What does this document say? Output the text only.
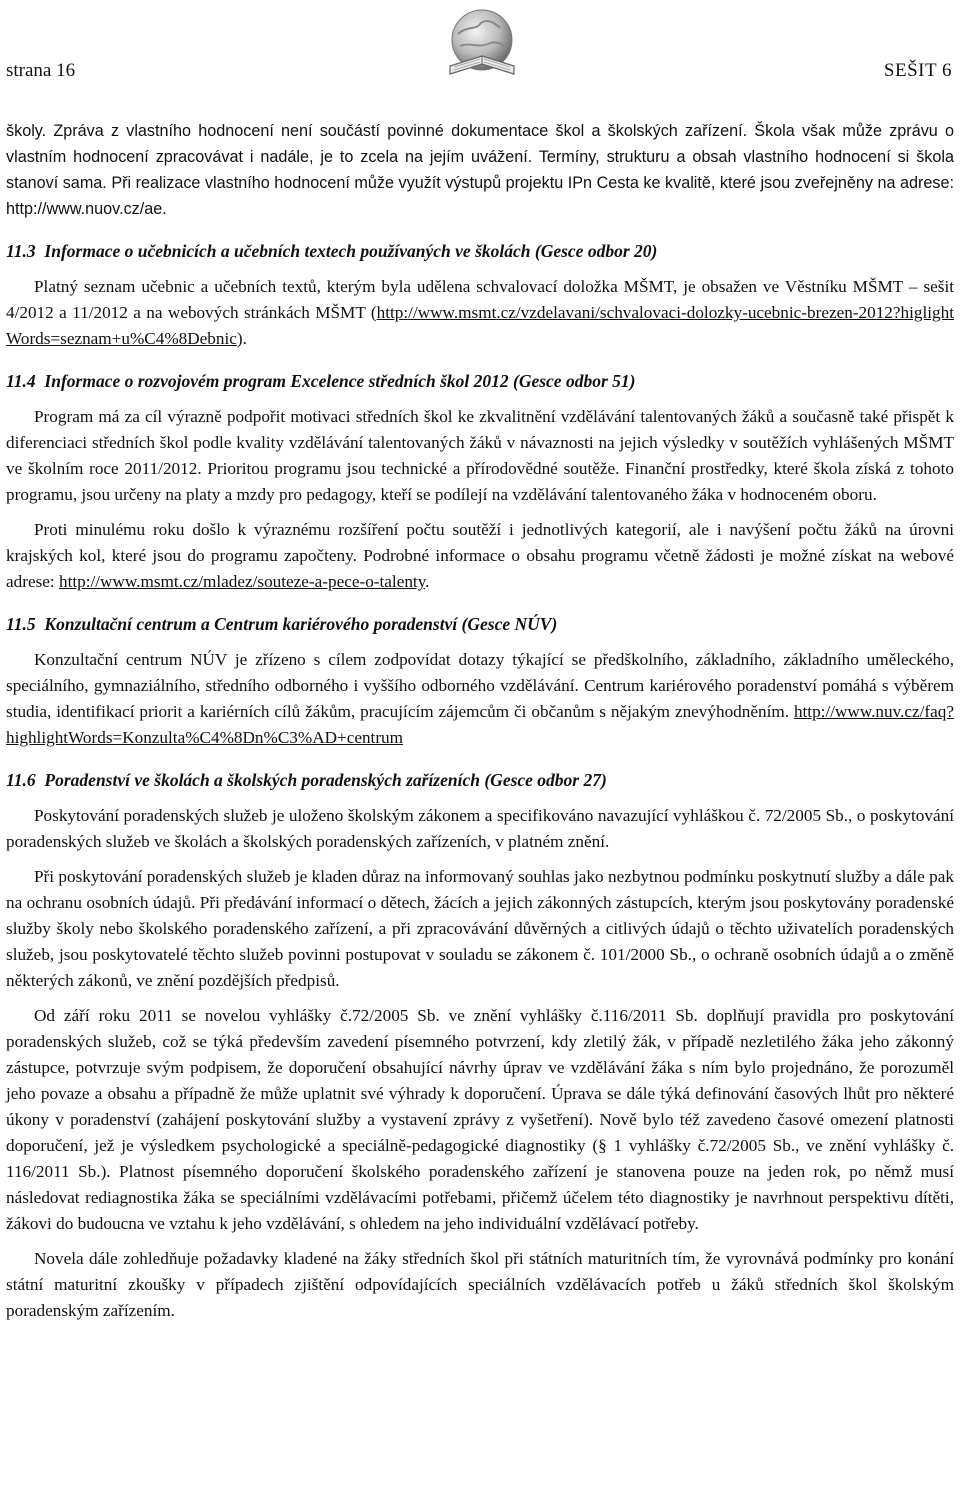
strana 16	SEŠIT 6

školy. Zpráva z vlastního hodnocení není součástí povinné dokumentace škol a školských zařízení. Škola však může zprávu o vlastním hodnocení zpracovávat i nadále, je to zcela na jejím uvážení. Termíny, strukturu a obsah vlastního hodnocení si škola stanoví sama. Při realizace vlastního hodnocení může využít výstupů projektu IPn Cesta ke kvalitě, které jsou zveřejněny na adrese: http://www.nuov.cz/ae.

11.3 Informace o učebnicích a učebních textech používaných ve školách (Gesce odbor 20)

Platný seznam učebnic a učebních textů, kterým byla udělena schvalovací doložka MŠMT, je obsažen ve Věstníku MŠMT – sešit 4/2012 a 11/2012 a na webových stránkách MŠMT (http://www.msmt.cz/vzdelavani/schvalovaci-dolozky-ucebnic-brezen-2012?higlightWords=seznam+u%C4%8Debnic).

11.4 Informace o rozvojovém program Excelence středních škol 2012 (Gesce odbor 51)

Program má za cíl výrazně podpořit motivaci středních škol ke zkvalitnění vzdělávání talentovaných žáků a současně také přispět k diferenciaci středních škol podle kvality vzdělávání talentovaných žáků v návaznosti na jejich výsledky v soutěžích vyhlášených MŠMT ve školním roce 2011/2012. Prioritou programu jsou technické a přírodovědné soutěže. Finanční prostředky, které škola získá z tohoto programu, jsou určeny na platy a mzdy pro pedagogy, kteří se podílejí na vzdělávání talentovaného žáka v hodnoceném oboru.

Proti minulému roku došlo k výraznému rozšíření počtu soutěží i jednotlivých kategorií, ale i navýšení počtu žáků na úrovni krajských kol, které jsou do programu započteny. Podrobné informace o obsahu programu včetně žádosti je možné získat na webové adrese: http://www.msmt.cz/mladez/souteze-a-pece-o-talenty.

11.5 Konzultační centrum a Centrum kariérového poradenství (Gesce NÚV)

Konzultační centrum NÚV je zřízeno s cílem zodpovídat dotazy týkající se předškolního, základního, základního uměleckého, speciálního, gymnaziálního, středního odborného i vyššího odborného vzdělávání. Centrum kariérového poradenství pomáhá s výběrem studia, identifikací priorit a kariérních cílů žákům, pracujícím zájemcům či občanům s nějakým znevýhodněním. http://www.nuv.cz/faq?highlightWords=Konzulta%C4%8Dn%C3%AD+centrum

11.6 Poradenství ve školách a školských poradenských zařízeních (Gesce odbor 27)

Poskytování poradenských služeb je uloženo školským zákonem a specifikováno navazující vyhláškou č. 72/2005 Sb., o poskytování poradenských služeb ve školách a školských poradenských zařízeních, v platném znění.

Při poskytování poradenských služeb je kladen důraz na informovaný souhlas jako nezbytnou podmínku poskytnutí služby a dále pak na ochranu osobních údajů. Při předávání informací o dětech, žácích a jejich zákonných zástupcích, kterým jsou poskytovány poradenské služby školy nebo školského poradenského zařízení, a při zpracovávání důvěrných a citlivých údajů o těchto uživatelích poradenských služeb, jsou poskytovatelé těchto služeb povinni postupovat v souladu se zákonem č. 101/2000 Sb., o ochraně osobních údajů a o změně některých zákonů, ve znění pozdějších předpisů.

Od září roku 2011 se novelou vyhlášky č.72/2005 Sb. ve znění vyhlášky č.116/2011 Sb. doplňují pravidla pro poskytování poradenských služeb, což se týká především zavedení písemného potvrzení, kdy zletilý žák, v případě nezletilého žáka jeho zákonný zástupce, potvrzuje svým podpisem, že doporučení obsahující návrhy úprav ve vzdělávání žáka s ním bylo projednáno, že porozuměl jeho povaze a obsahu a případně že může uplatnit své výhrady k doporučení. Úprava se dále týká definování časových lhůt pro některé úkony v poradenství (zahájení poskytování služby a vystavení zprávy z vyšetření). Nově bylo též zavedeno časové omezení platnosti doporučení, jež je výsledkem psychologické a speciálně-pedagogické diagnostiky (§ 1 vyhlášky č.72/2005 Sb., ve znění vyhlášky č. 116/2011 Sb.). Platnost písemného doporučení školského poradenského zařízení je stanovena pouze na jeden rok, po němž musí následovat rediagnostika žáka se speciálními vzdělávacími potřebami, přičemž účelem této diagnostiky je navrhnout perspektivu dítěti, žákovi do budoucna ve vztahu k jeho vzdělávání, s ohledem na jeho individuální vzdělávací potřeby.

Novela dále zohledňuje požadavky kladené na žáky středních škol při státních maturitních tím, že vyrovnává podmínky pro konání státní maturitní zkoušky v případech zjištění odpovídajících speciálních vzdělávacích potřeb u žáků středních škol školským poradenským zařízením.
